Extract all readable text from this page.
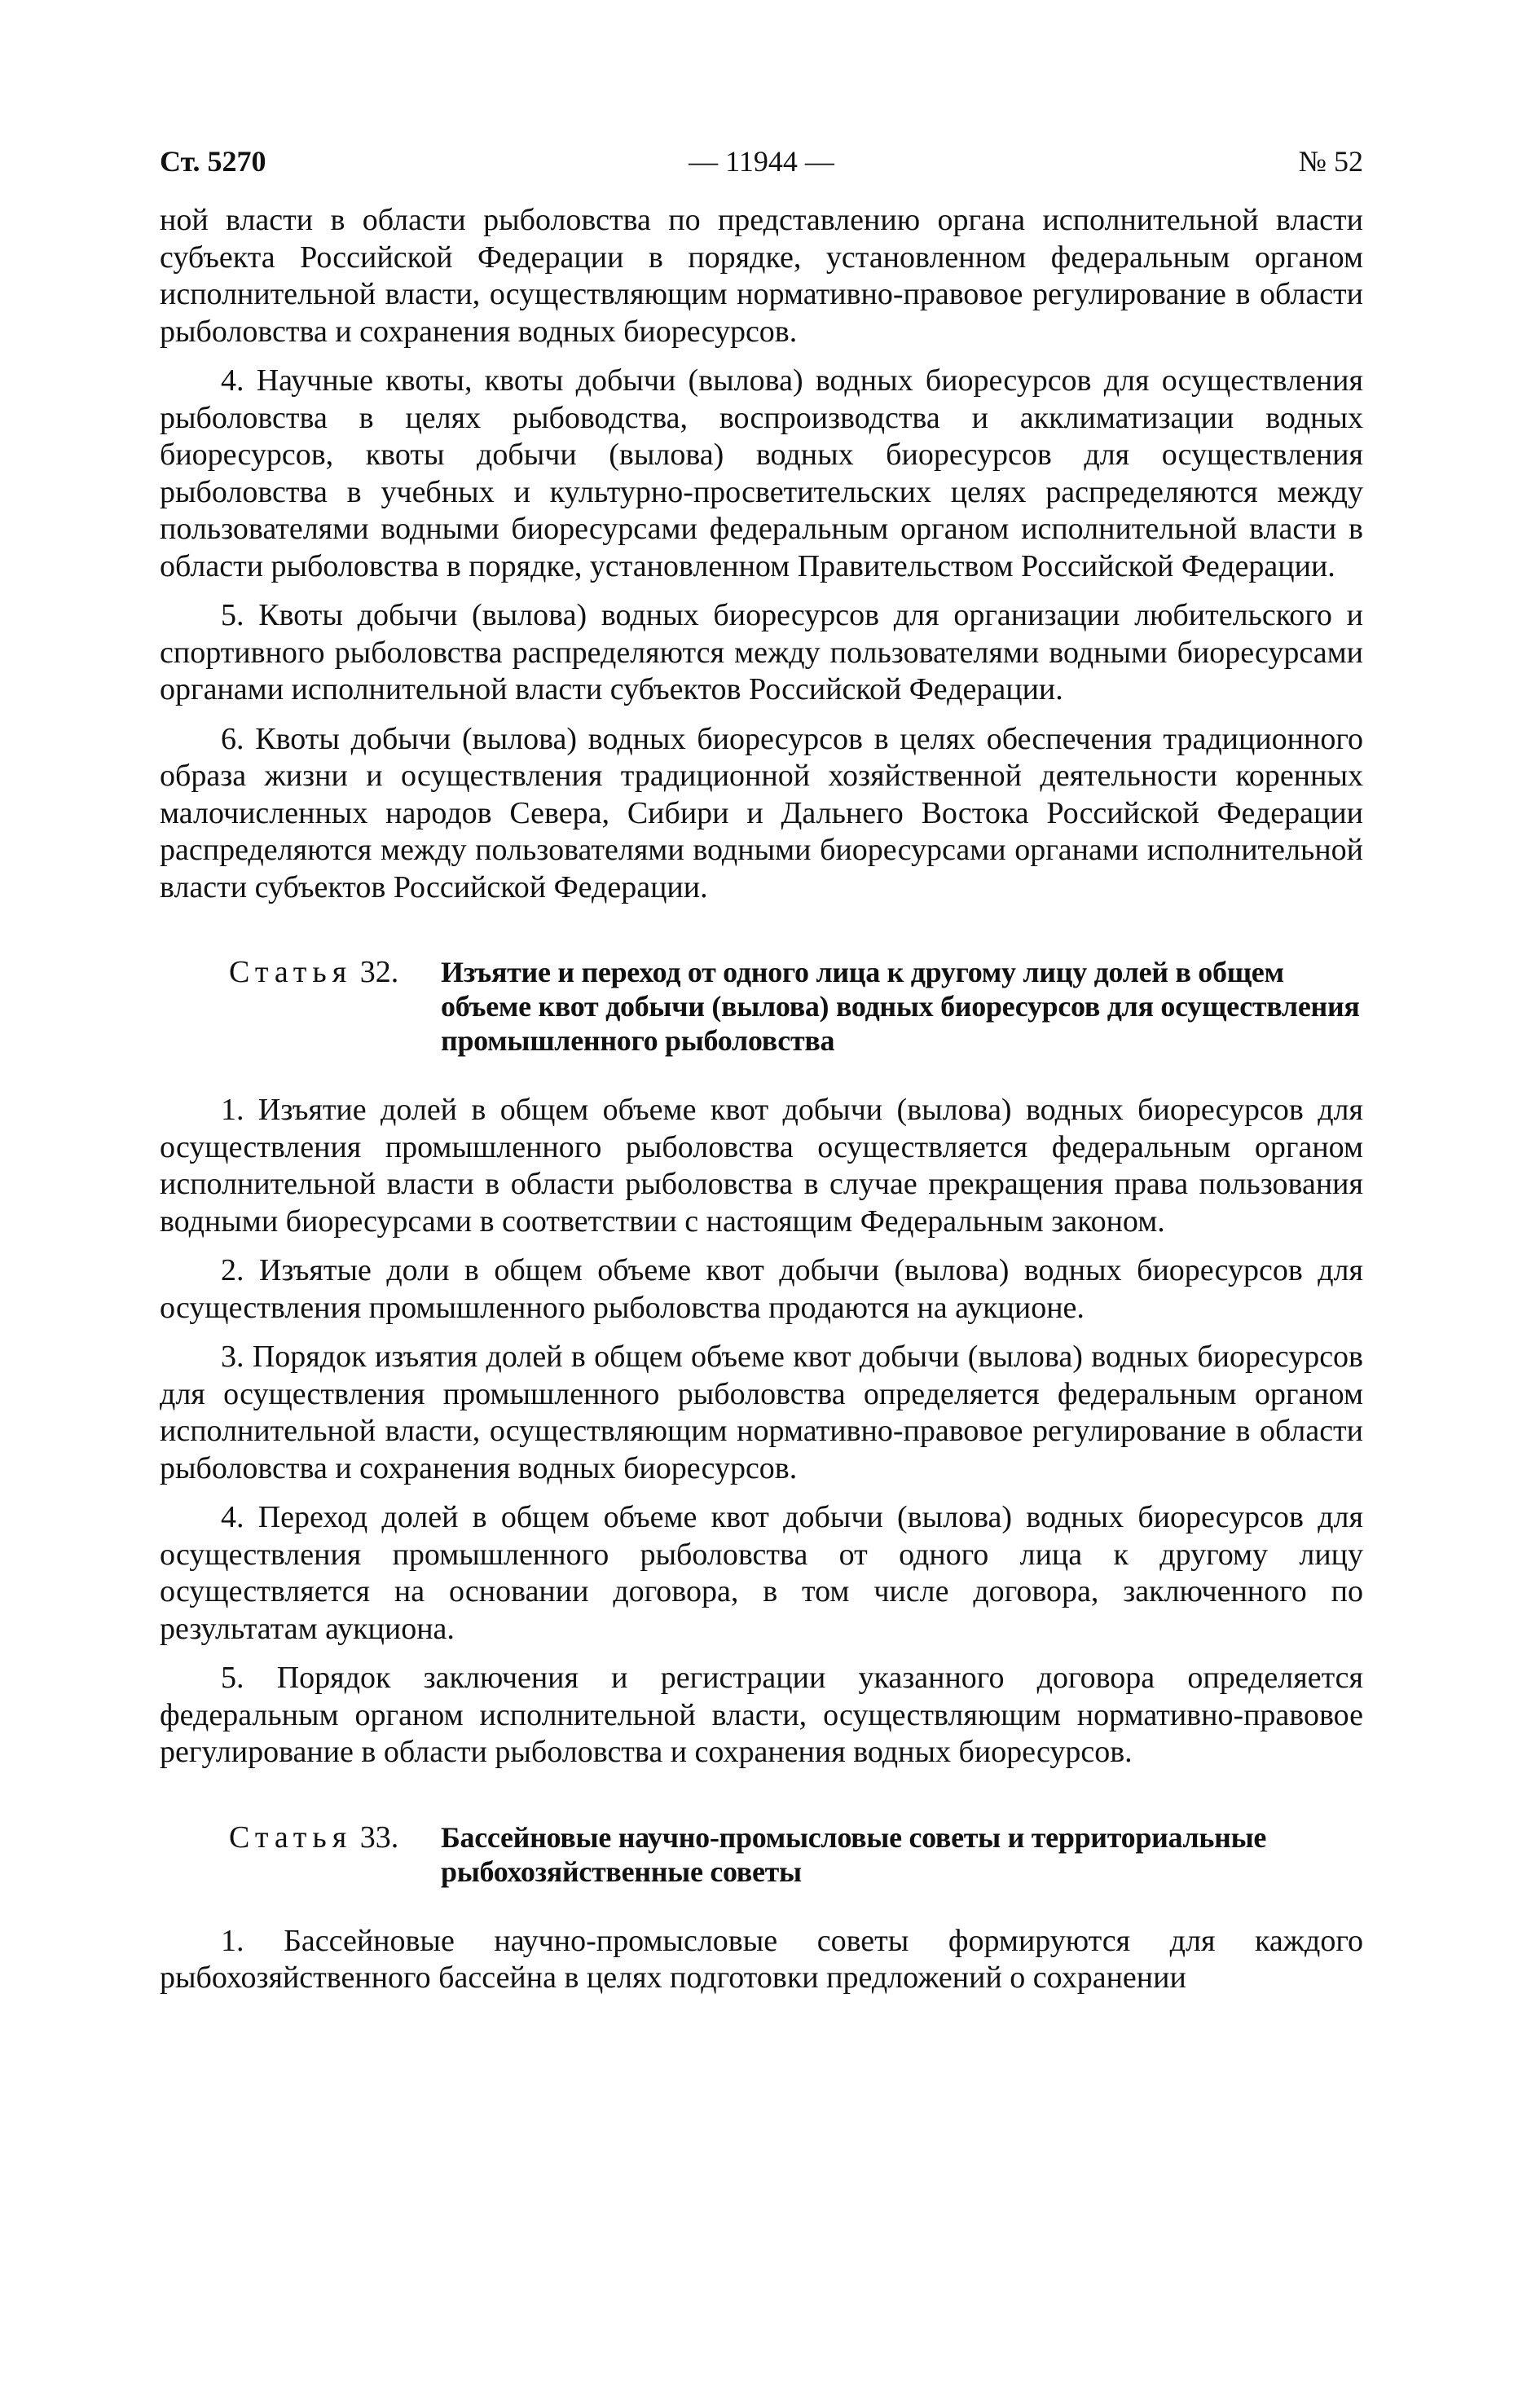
Ст. 5270	— 11944 —	№ 52

ной власти в области рыболовства по представлению органа исполнительной власти субъекта Российской Федерации в порядке, установленном федеральным органом исполнительной власти, осуществляющим нормативно-правовое регулирование в области рыболовства и сохранения водных биоресурсов.

4. Научные квоты, квоты добычи (вылова) водных биоресурсов для осуществления рыболовства в целях рыбоводства, воспроизводства и акклиматизации водных биоресурсов, квоты добычи (вылова) водных биоресурсов для осуществления рыболовства в учебных и культурно-просветительских целях распределяются между пользователями водными биоресурсами федеральным органом исполнительной власти в области рыболовства в порядке, установленном Правительством Российской Федерации.

5. Квоты добычи (вылова) водных биоресурсов для организации любительского и спортивного рыболовства распределяются между пользователями водными биоресурсами органами исполнительной власти субъектов Российской Федерации.

6. Квоты добычи (вылова) водных биоресурсов в целях обеспечения традиционного образа жизни и осуществления традиционной хозяйственной деятельности коренных малочисленных народов Севера, Сибири и Дальнего Востока Российской Федерации распределяются между пользователями водными биоресурсами органами исполнительной власти субъектов Российской Федерации.

Статья 32.	Изъятие и переход от одного лица к другому лицу долей в общем объеме квот добычи (вылова) водных биоресурсов для осуществления промышленного рыболовства

1. Изъятие долей в общем объеме квот добычи (вылова) водных биоресурсов для осуществления промышленного рыболовства осуществляется федеральным органом исполнительной власти в области рыболовства в случае прекращения права пользования водными биоресурсами в соответствии с настоящим Федеральным законом.

2. Изъятые доли в общем объеме квот добычи (вылова) водных биоресурсов для осуществления промышленного рыболовства продаются на аукционе.

3. Порядок изъятия долей в общем объеме квот добычи (вылова) водных биоресурсов для осуществления промышленного рыболовства определяется федеральным органом исполнительной власти, осуществляющим нормативно-правовое регулирование в области рыболовства и сохранения водных биоресурсов.

4. Переход долей в общем объеме квот добычи (вылова) водных биоресурсов для осуществления промышленного рыболовства от одного лица к другому лицу осуществляется на основании договора, в том числе договора, заключенного по результатам аукциона.

5. Порядок заключения и регистрации указанного договора определяется федеральным органом исполнительной власти, осуществляющим нормативно-правовое регулирование в области рыболовства и сохранения водных биоресурсов.

Статья 33.	Бассейновые научно-промысловые советы и территориальные рыбохозяйственные советы

1. Бассейновые научно-промысловые советы формируются для каждого рыбохозяйственного бассейна в целях подготовки предложений о сохранении
